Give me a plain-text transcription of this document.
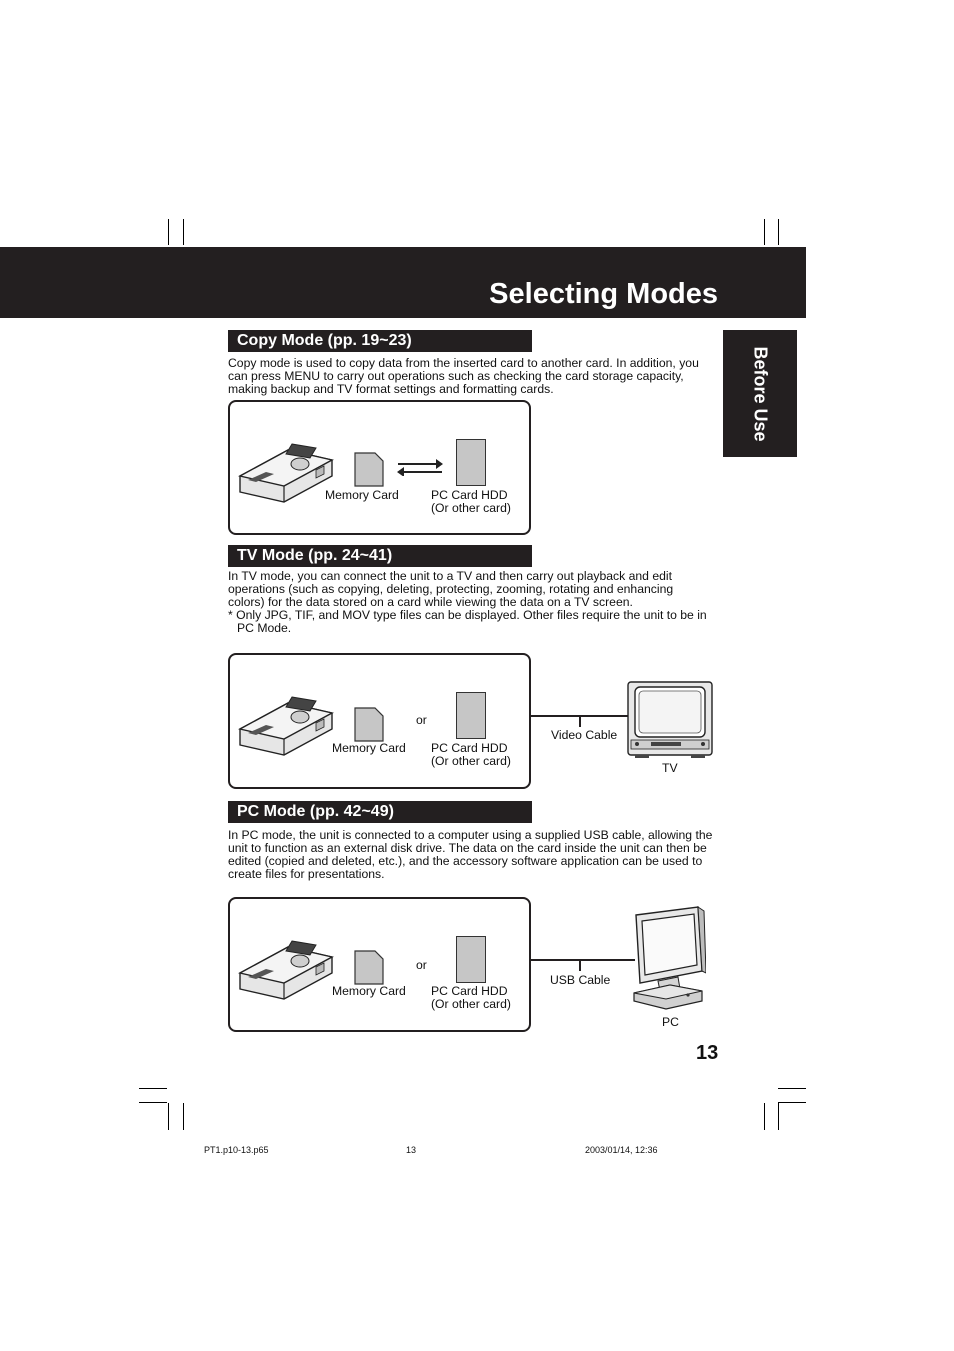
Selecting Modes
Before Use
Copy Mode (pp. 19~23)
Copy mode is used to copy data from the inserted card to another card. In addition, you can press MENU to carry out operations such as checking the card storage capacity, making backup and TV format settings and formatting cards.
Memory Card	PC Card HDD
(Or other card)
TV Mode (pp. 24~41)
In TV mode, you can connect the unit to a TV and then carry out playback and edit operations (such as copying, deleting, protecting, zooming, rotating and enhancing colors) for the data stored on a card while viewing the data on a TV screen.
* Only JPG, TIF, and MOV type files can be displayed. Other files require the unit to be in PC Mode.
or
Memory Card PC Card HDD
(Or other card)
Video Cable
TV
PC Mode (pp. 42~49)
In PC mode, the unit is connected to a computer using a supplied USB cable, allowing the unit to function as an external disk drive. The data on the card inside the unit can then be edited (copied and deleted, etc.), and the accessory software application can be used to create files for presentations.
or
Memory Card PC Card HDD
(Or other card)
USB Cable
PC
13
PT1.p10-13.p65	13	2003/01/14, 12:36
